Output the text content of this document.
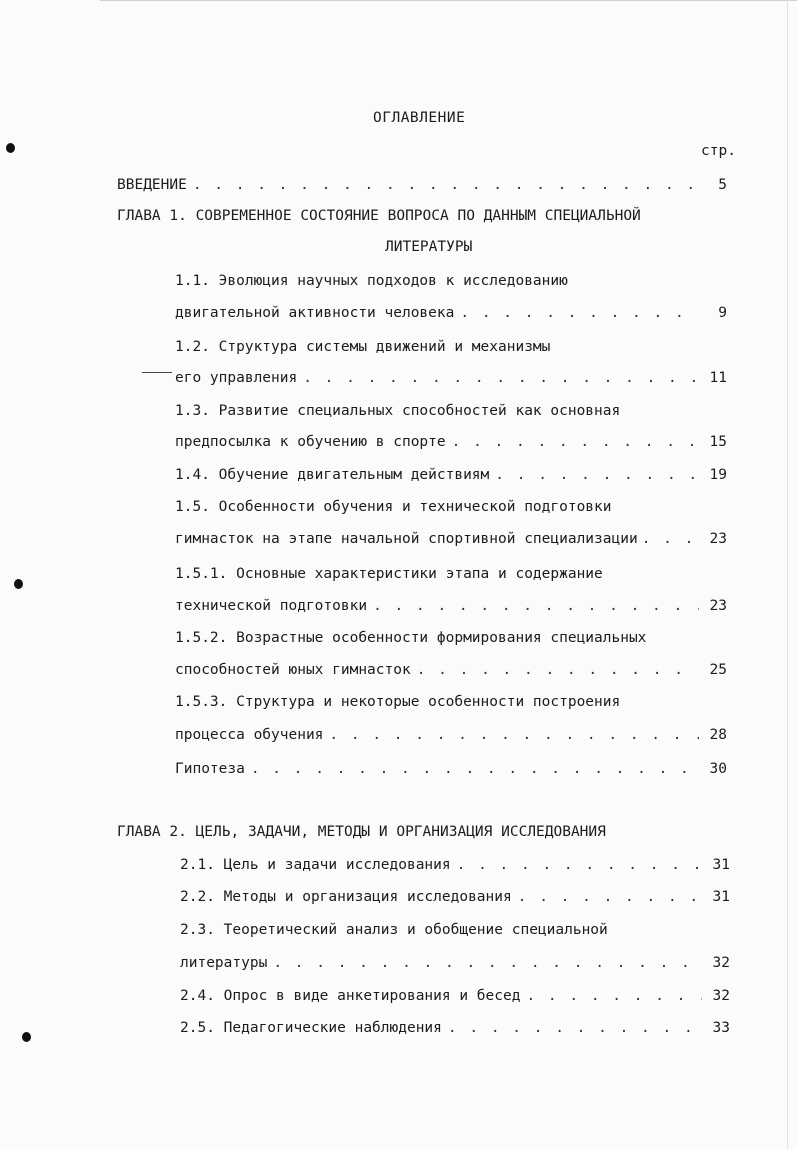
ОГЛАВЛЕНИЕ
стр.
ВВЕДЕНИЕ . . .	5
ГЛАВА 1. СОВРЕМЕННОЕ СОСТОЯНИЕ ВОПРОСА ПО ДАННЫМ СПЕЦИАЛЬНОЙ
ЛИТЕРАТУРЫ
1.1. Эволюция научных подходов к исследованию
двигательной активности человека . . .	9
1.2. Структура системы движений и механизмы
его управления . . .	11
1.3. Развитие специальных способностей как основная
предпосылка к обучению в спорте . . .	15
1.4. Обучение двигательным действиям . . .	19
1.5. Особенности обучения и технической подготовки
гимнасток на этапе начальной спортивной специализации . . .	23
1.5.1. Основные характеристики этапа и содержание
технической подготовки . . .	23
1.5.2. Возрастные особенности формирования специальных
способностей юных гимнасток . . .	25
1.5.3. Структура и некоторые особенности построения
процесса обучения . . .	28
Гипотеза . . .	30
ГЛАВА 2. ЦЕЛЬ, ЗАДАЧИ, МЕТОДЫ И ОРГАНИЗАЦИЯ ИССЛЕДОВАНИЯ
2.1. Цель и задачи исследования . . .	31
2.2. Методы и организация исследования . . .	31
2.3. Теоретический анализ и обобщение специальной
литературы . . .	32
2.4. Опрос в виде анкетирования и бесед . . .	32
2.5. Педагогические наблюдения . . .	33
